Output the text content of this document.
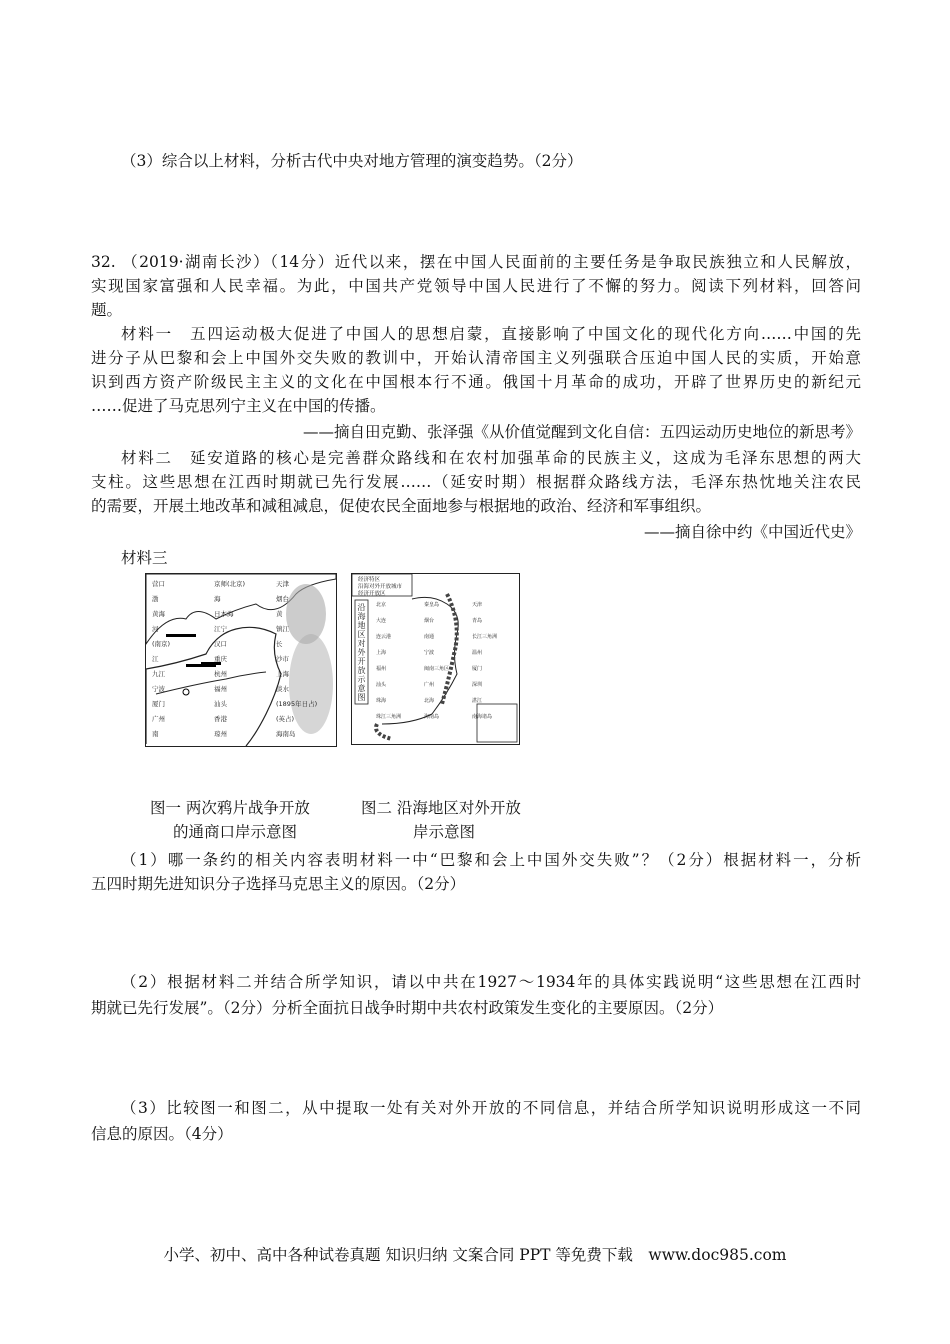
（3）综合以上材料，分析古代中央对地方管理的演变趋势。（2分）
32. （2019·湖南长沙）（14分）近代以来，摆在中国人民面前的主要任务是争取民族独立和人民解放，
实现国家富强和人民幸福。为此，中国共产党领导中国人民进行了不懈的努力。阅读下列材料，回答问
题。
材料一　五四运动极大促进了中国人的思想启蒙，直接影响了中国文化的现代化方向……中国的先
进分子从巴黎和会上中国外交失败的教训中，开始认清帝国主义列强联合压迫中国人民的实质，开始意
识到西方资产阶级民主主义的文化在中国根本行不通。俄国十月革命的成功，开辟了世界历史的新纪元
……促进了马克思列宁主义在中国的传播。
——摘自田克勤、张泽强《从价值觉醒到文化自信：五四运动历史地位的新思考》
材料二　延安道路的核心是完善群众路线和在农村加强革命的民族主义，这成为毛泽东思想的两大
支柱。这些思想在江西时期就已先行发展……（延安时期）根据群众路线方法，毛泽东热忱地关注农民
的需要，开展土地改革和减租减息，促使农民全面地参与根据地的政治、经济和军事组织。
——摘自徐中约《中国近代史》
材料三
营口	京师(北京)	天津
渤	海	烟台
黄海	日本海	黄
河	江宁	镇江
(南京)	汉口	长
江	重庆	沙市
九江	杭州	上海
宁波	福州	淡水
厦门	汕头	(1895年日占)
广州	香港	(英占)
南	琼州	海南岛
经济特区
沿海对外开放城市
经济开放区
沿
海
地
区
对
外
开
放
示
意
图
北京	秦皇岛	天津
大连	烟台	青岛
连云港	南通	长江三角洲
上海	宁波	温州
福州	闽南三角区	厦门
汕头	广州	深圳
珠海	北海	湛江
珠江三角洲	海南岛	南海诸岛
图一 两次鸦片战争开放
的通商口岸示意图
图二 沿海地区对外开放
岸示意图
（1）哪一条约的相关内容表明材料一中“巴黎和会上中国外交失败”？（2分）根据材料一，分析
五四时期先进知识分子选择马克思主义的原因。（2分）
（2）根据材料二并结合所学知识，请以中共在1927～1934年的具体实践说明“这些思想在江西时
期就已先行发展”。（2分）分析全面抗日战争时期中共农村政策发生变化的主要原因。（2分）
（3）比较图一和图二，从中提取一处有关对外开放的不同信息，并结合所学知识说明形成这一不同
信息的原因。（4分）
小学、初中、高中各种试卷真题 知识归纳 文案合同 PPT 等免费下载　www.doc985.com
